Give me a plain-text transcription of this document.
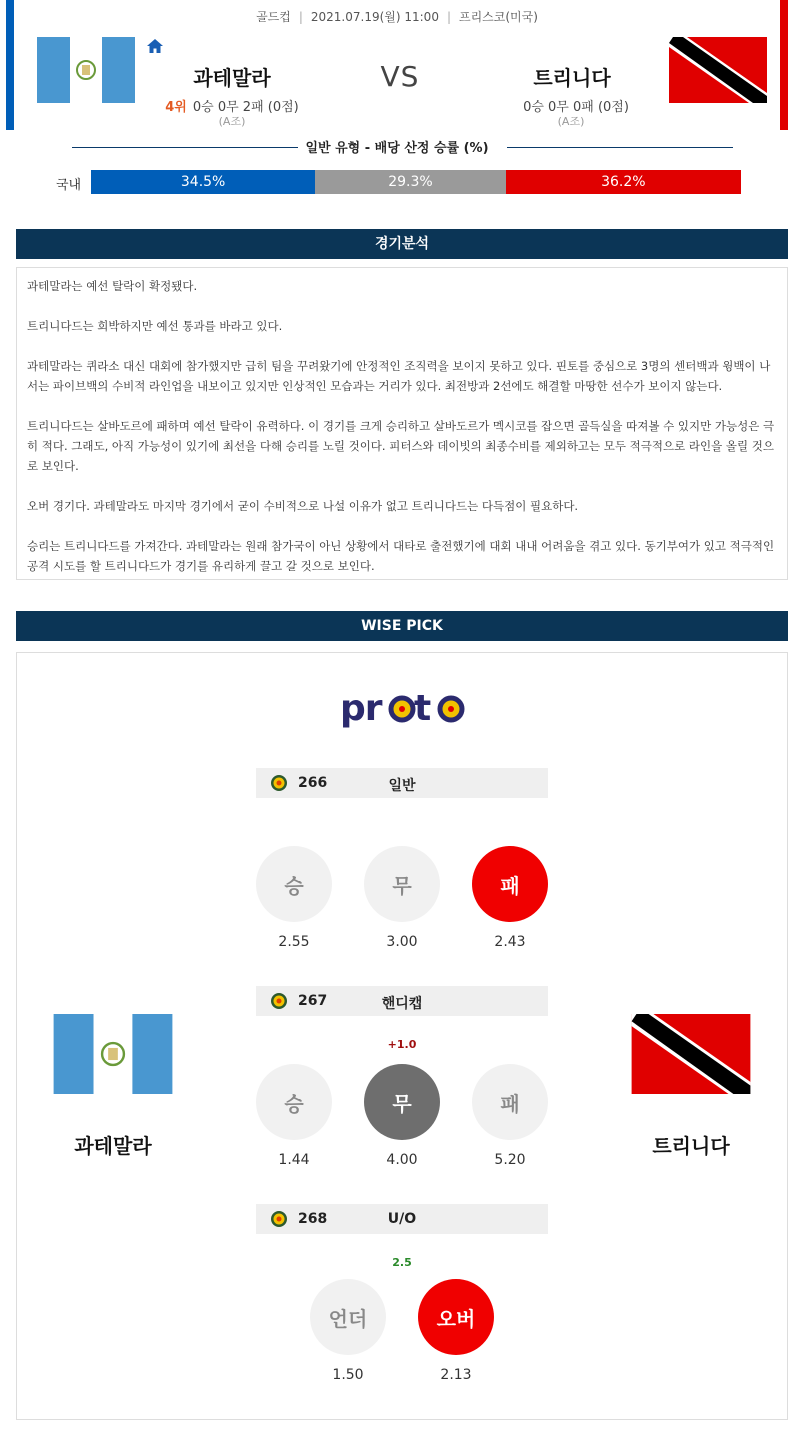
골드컵 | 2021.07.19(월) 11:00 | 프리스코(미국)
과테말라	VS	트리니다
4위 0승 0무 2패 (0점)
(A조)
0승 0무 0패 (0점)
(A조)
일반 유형 - 배당 산정 승률 (%)
국내	34.5%	29.3%	36.2%
경기분석

과테말라는 예선 탈락이 확정됐다.

트리니다드는 희박하지만 예선 통과를 바라고 있다.

과테말라는 퀴라소 대신 대회에 참가했지만 급히 팀을 꾸려왔기에 안정적인 조직력을 보이지 못하고 있다. 핀토를 중심으로 3명의 센터백과 윙백이 나서는 파이브백의 수비적 라인업을 내보이고 있지만 인상적인 모습과는 거리가 있다. 최전방과 2선에도 해결할 마땅한 선수가 보이지 않는다.

트리니다드는 살바도르에 패하며 예선 탈락이 유력하다. 이 경기를 크게 승리하고 살바도르가 멕시코를 잡으면 골득실을 따져볼 수 있지만 가능성은 극히 적다. 그래도, 아직 가능성이 있기에 최선을 다해 승리를 노릴 것이다. 피터스와 데이빗의 최종수비를 제외하고는 모두 적극적으로 라인을 올릴 것으로 보인다.

오버 경기다. 과테말라도 마지막 경기에서 굳이 수비적으로 나설 이유가 없고 트리니다드는 다득점이 필요하다.

승리는 트리니다드를 가져간다. 과테말라는 원래 참가국이 아닌 상황에서 대타로 출전했기에 대회 내내 어려움을 겪고 있다. 동기부여가 있고 적극적인 공격 시도를 할 트리니다드가 경기를 유리하게 끌고 갈 것으로 보인다.

WISE PICK
pr t
proto
266	일반
승	무	패
2.55	3.00	2.43
267	핸디캡
+1.0
승	무	패
1.44	4.00	5.20
268	U/O
2.5
언더	오버
1.50	2.13
과테말라	트리니다
